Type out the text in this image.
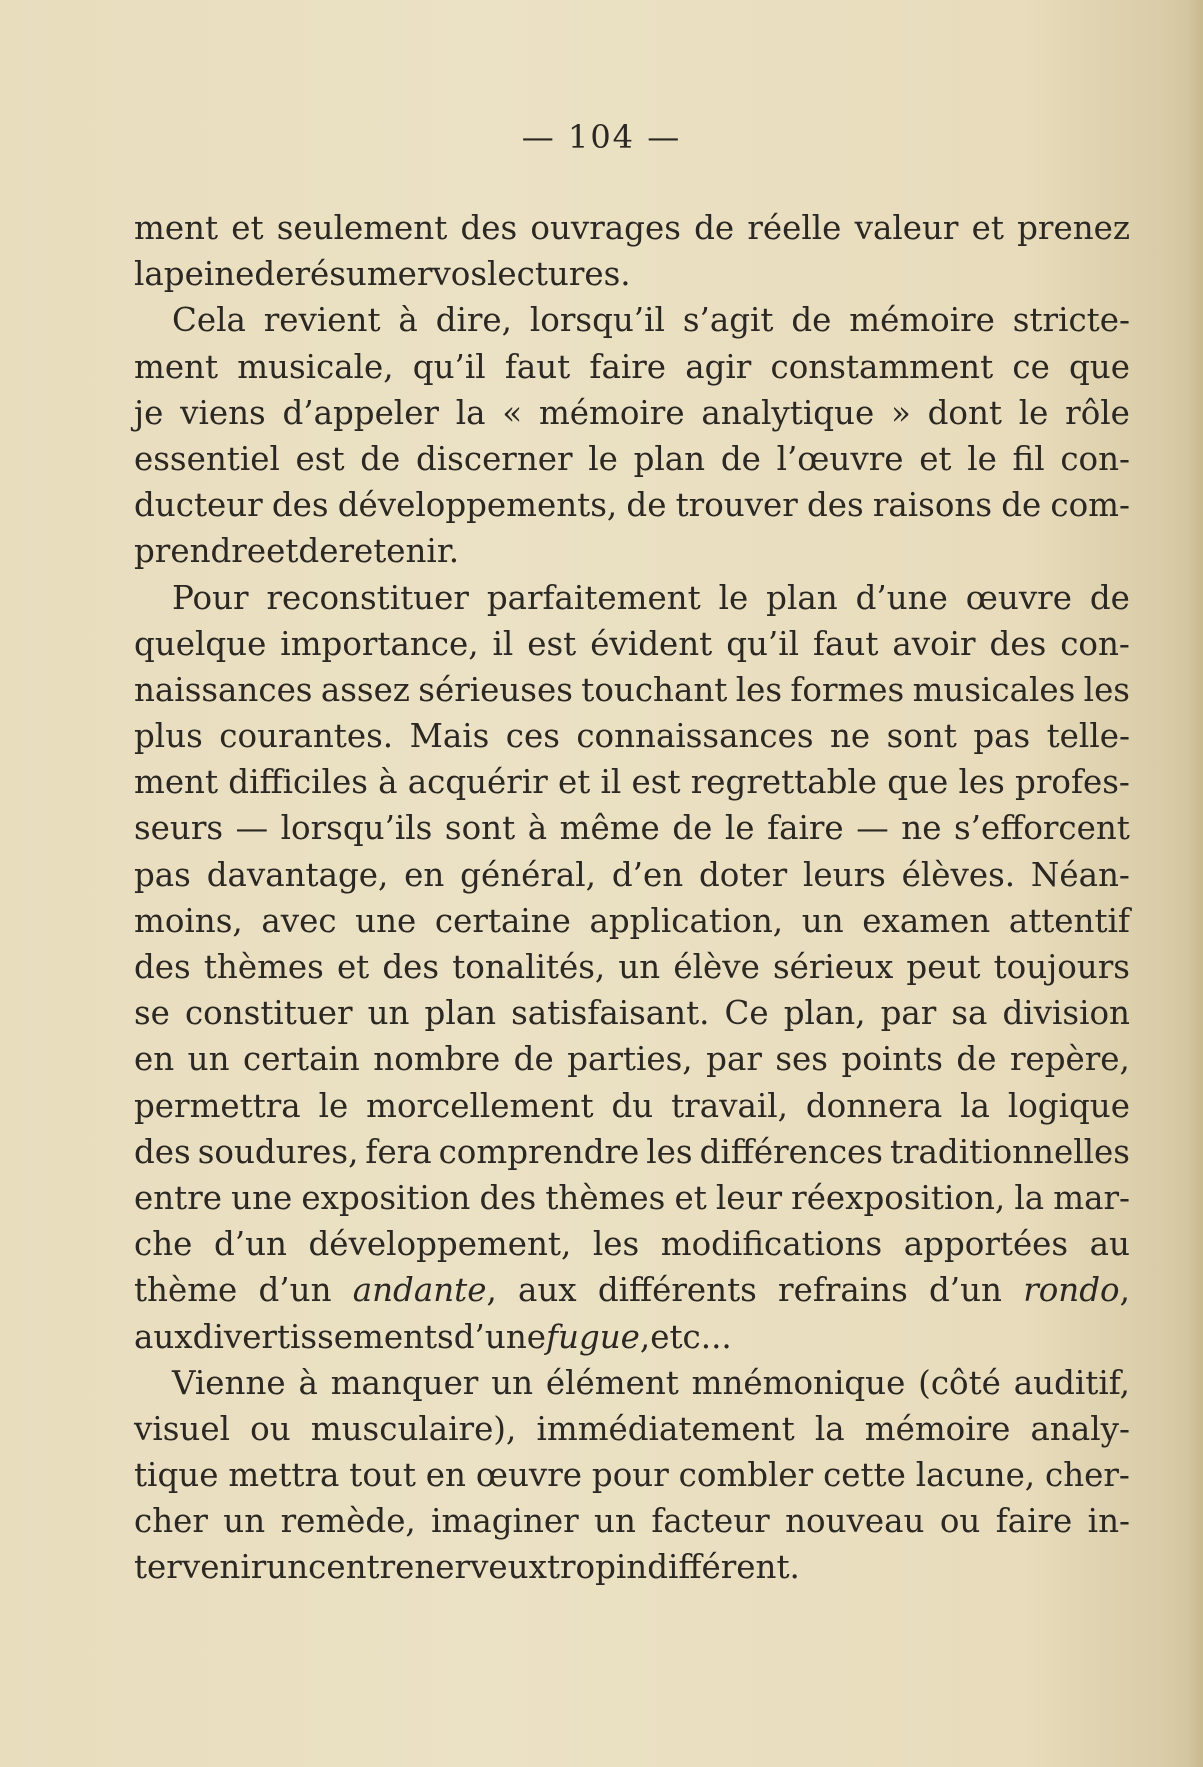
— 104 —
ment et seulement des ouvrages de réelle valeur et prenez
la peine de résumer vos lectures.
Cela revient à dire, lorsqu’il s’agit de mémoire stricte-
ment musicale, qu’il faut faire agir constamment ce que
je viens d’appeler la « mémoire analytique » dont le rôle
essentiel est de discerner le plan de l’œuvre et le fil con-
ducteur des développements, de trouver des raisons de com-
prendre et de retenir.
Pour reconstituer parfaitement le plan d’une œuvre de
quelque importance, il est évident qu’il faut avoir des con-
naissances assez sérieuses touchant les formes musicales les
plus courantes. Mais ces connaissances ne sont pas telle-
ment difficiles à acquérir et il est regrettable que les profes-
seurs — lorsqu’ils sont à même de le faire — ne s’efforcent
pas davantage, en général, d’en doter leurs élèves. Néan-
moins, avec une certaine application, un examen attentif
des thèmes et des tonalités, un élève sérieux peut toujours
se constituer un plan satisfaisant. Ce plan, par sa division
en un certain nombre de parties, par ses points de repère,
permettra le morcellement du travail, donnera la logique
des soudures, fera comprendre les différences traditionnelles
entre une exposition des thèmes et leur réexposition, la mar-
che d’un développement, les modifications apportées au
thème d’un andante, aux différents refrains d’un rondo,
aux divertissements d’une fugue, etc...
Vienne à manquer un élément mnémonique (côté auditif,
visuel ou musculaire), immédiatement la mémoire analy-
tique mettra tout en œuvre pour combler cette lacune, cher-
cher un remède, imaginer un facteur nouveau ou faire in-
tervenir un centre nerveux trop indifférent.
